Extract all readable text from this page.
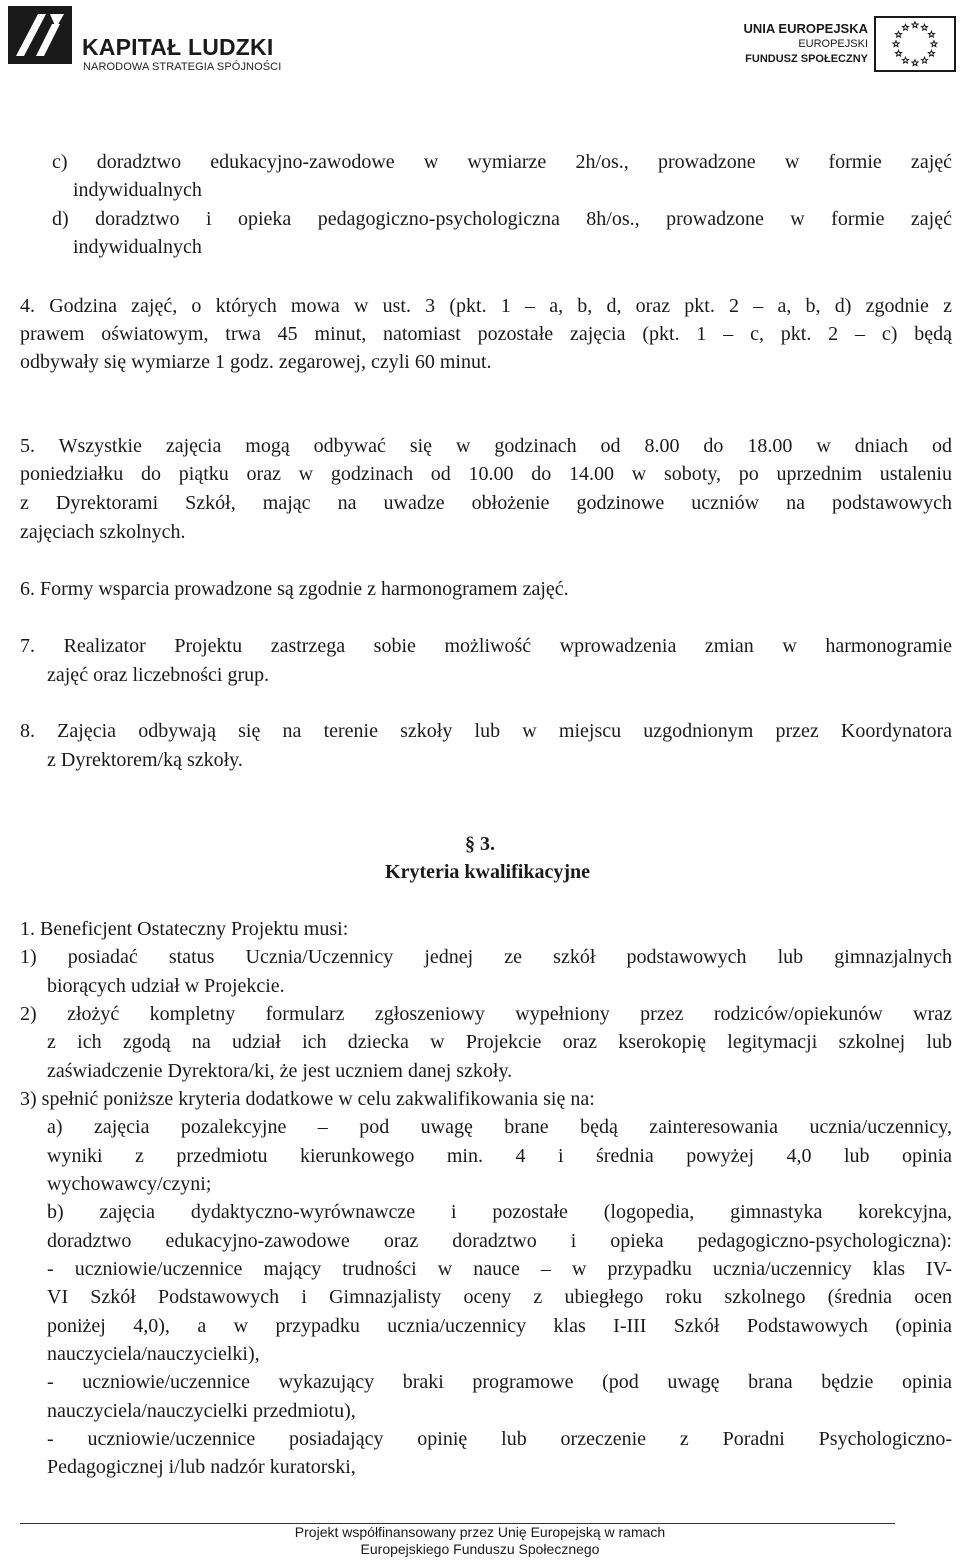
KAPITAŁ LUDZKI
NARODOWA STRATEGIA SPÓJNOŚCI
UNIA EUROPEJSKA
EUROPEJSKI
FUNDUSZ SPOŁECZNY
c) doradztwo edukacyjno-zawodowe w wymiarze 2h/os., prowadzone w formie zajęć
indywidualnych
d) doradztwo i opieka pedagogiczno-psychologiczna 8h/os., prowadzone w formie zajęć
indywidualnych
4. Godzina zajęć, o których mowa w ust. 3 (pkt. 1 – a, b, d, oraz pkt. 2 – a, b, d) zgodnie z
prawem oświatowym, trwa 45 minut, natomiast pozostałe zajęcia (pkt. 1 – c, pkt. 2 – c) będą
odbywały się wymiarze 1 godz. zegarowej, czyli 60 minut.
5. Wszystkie zajęcia mogą odbywać się w godzinach od 8.00 do 18.00 w dniach od
poniedziałku do piątku oraz w godzinach od 10.00 do 14.00 w soboty, po uprzednim ustaleniu
z Dyrektorami Szkół, mając na uwadze obłożenie godzinowe uczniów na podstawowych
zajęciach szkolnych.
6. Formy wsparcia prowadzone są zgodnie z harmonogramem zajęć.
7. Realizator Projektu zastrzega sobie możliwość wprowadzenia zmian w harmonogramie
zajęć oraz liczebności grup.
8. Zajęcia odbywają się na terenie szkoły lub w miejscu uzgodnionym przez Koordynatora
z Dyrektorem/ką szkoły.
§ 3.
Kryteria kwalifikacyjne
1. Beneficjent Ostateczny Projektu musi:
1) posiadać status Ucznia/Uczennicy jednej ze szkół podstawowych lub gimnazjalnych
biorących udział w Projekcie.
2) złożyć kompletny formularz zgłoszeniowy wypełniony przez rodziców/opiekunów wraz
z ich zgodą na udział ich dziecka w Projekcie oraz kserokopię legitymacji szkolnej lub
zaświadczenie Dyrektora/ki, że jest uczniem danej szkoły.
3) spełnić poniższe kryteria dodatkowe w celu zakwalifikowania się na:
a) zajęcia pozalekcyjne – pod uwagę brane będą zainteresowania ucznia/uczennicy,
wyniki z przedmiotu kierunkowego min. 4 i średnia powyżej 4,0 lub opinia
wychowawcy/czyni;
b) zajęcia dydaktyczno-wyrównawcze i pozostałe (logopedia, gimnastyka korekcyjna,
doradztwo edukacyjno-zawodowe oraz doradztwo i opieka pedagogiczno-psychologiczna):
- uczniowie/uczennice mający trudności w nauce – w przypadku ucznia/uczennicy klas IV-
VI Szkół Podstawowych i Gimnazjalisty oceny z ubiegłego roku szkolnego (średnia ocen
poniżej 4,0), a w przypadku ucznia/uczennicy klas I-III Szkół Podstawowych (opinia
nauczyciela/nauczycielki),
- uczniowie/uczennice wykazujący braki programowe (pod uwagę brana będzie opinia
nauczyciela/nauczycielki przedmiotu),
- uczniowie/uczennice posiadający opinię lub orzeczenie z Poradni Psychologiczno-
Pedagogicznej i/lub nadzór kuratorski,
Projekt współfinansowany przez Unię Europejską w ramach
Europejskiego Funduszu Społecznego
